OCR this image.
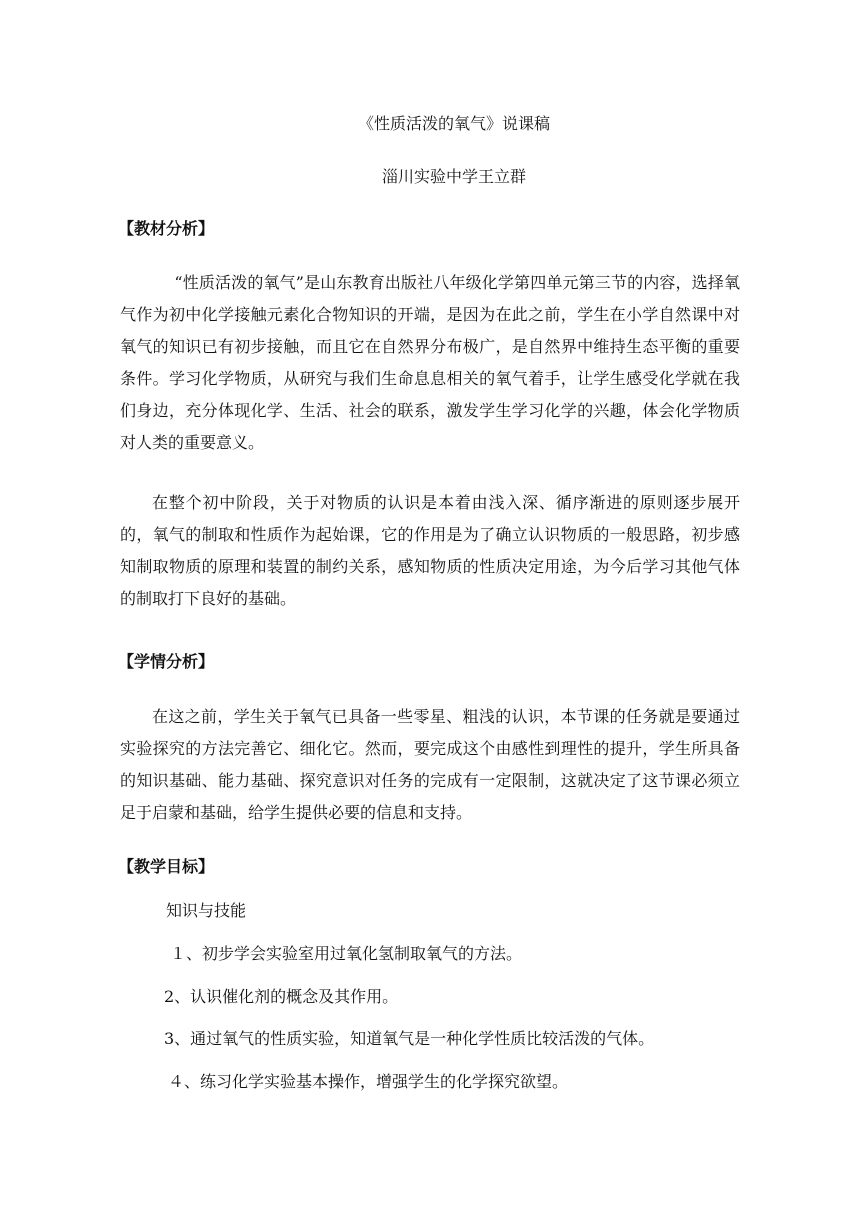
《性质活泼的氧气》说课稿
淄川实验中学王立群
【教材分析】
“性质活泼的氧气”是山东教育出版社八年级化学第四单元第三节的内容，选择氧气作为初中化学接触元素化合物知识的开端，是因为在此之前，学生在小学自然课中对氧气的知识已有初步接触，而且它在自然界分布极广，是自然界中维持生态平衡的重要条件。学习化学物质，从研究与我们生命息息相关的氧气着手，让学生感受化学就在我们身边，充分体现化学、生活、社会的联系，激发学生学习化学的兴趣，体会化学物质对人类的重要意义。
在整个初中阶段，关于对物质的认识是本着由浅入深、循序渐进的原则逐步展开的，氧气的制取和性质作为起始课，它的作用是为了确立认识物质的一般思路，初步感知制取物质的原理和装置的制约关系，感知物质的性质决定用途，为今后学习其他气体的制取打下良好的基础。
【学情分析】
在这之前，学生关于氧气已具备一些零星、粗浅的认识，本节课的任务就是要通过实验探究的方法完善它、细化它。然而，要完成这个由感性到理性的提升，学生所具备的知识基础、能力基础、探究意识对任务的完成有一定限制，这就决定了这节课必须立足于启蒙和基础，给学生提供必要的信息和支持。
【教学目标】
知识与技能
１、初步学会实验室用过氧化氢制取氧气的方法。
2、认识催化剂的概念及其作用。
3、通过氧气的性质实验，知道氧气是一种化学性质比较活泼的气体。
４、练习化学实验基本操作，增强学生的化学探究欲望。
